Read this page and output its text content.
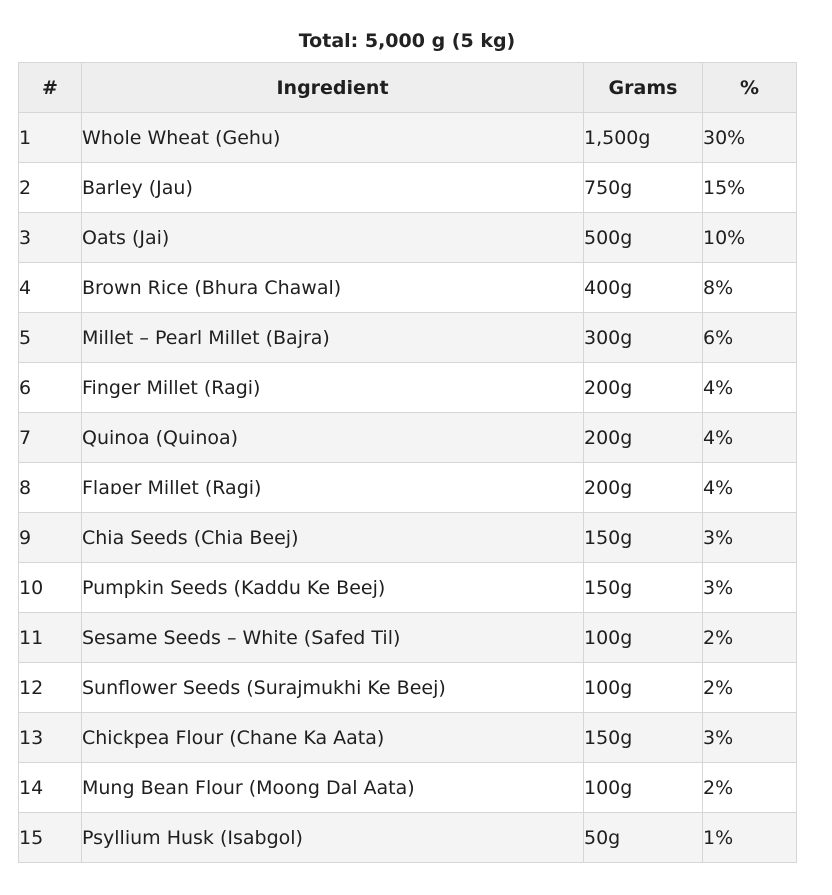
Total: 5,000 g (5 kg)
#	Ingredient	Grams	%
1	Whole Wheat (Gehu)	1,500g	30%
2	Barley (Jau)	750g	15%
3	Oats (Jai)	500g	10%
4	Brown Rice (Bhura Chawal)	400g	8%
5	Millet – Pearl Millet (Bajra)	300g	6%
6	Finger Millet (Ragi)	200g	4%
7	Quinoa (Quinoa)	200g	4%
8	Flaɒer Millet (Ragi)	200g	4%
9	Chia Seeds (Chia Beej)	150g	3%
10	Pumpkin Seeds (Kaddu Ke Beej)	150g	3%
11	Sesame Seeds – White (Safed Til)	100g	2%
12	Sunflower Seeds (Surajmukhi Ke Beej)	100g	2%
13	Chickpea Flour (Chane Ka Aata)	150g	3%
14	Mung Bean Flour (Moong Dal Aata)	100g	2%
15	Psyllium Husk (Isabgol)	50g	1%
